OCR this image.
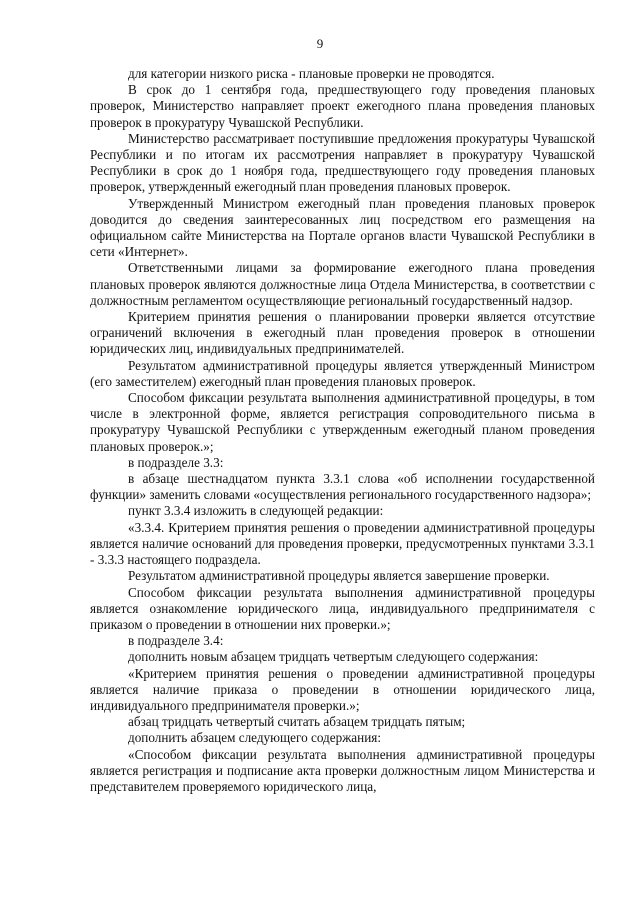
9

для категории низкого риска - плановые проверки не проводятся.

В срок до 1 сентября года, предшествующего году проведения плановых проверок, Министерство направляет проект ежегодного плана проведения плановых проверок в прокуратуру Чувашской Республики.

Министерство рассматривает поступившие предложения прокуратуры Чувашской Республики и по итогам их рассмотрения направляет в прокуратуру Чувашской Республики в срок до 1 ноября года, предшествующего году проведения плановых проверок, утвержденный ежегодный план проведения плановых проверок.

Утвержденный Министром ежегодный план проведения плановых проверок доводится до сведения заинтересованных лиц посредством его размещения на официальном сайте Министерства на Портале органов власти Чувашской Республики в сети «Интернет».

Ответственными лицами за формирование ежегодного плана проведения плановых проверок являются должностные лица Отдела Министерства, в соответствии с должностным регламентом осуществляющие региональный государственный надзор.

Критерием принятия решения о планировании проверки является отсутствие ограничений включения в ежегодный план проведения проверок в отношении юридических лиц, индивидуальных предпринимателей.

Результатом административной процедуры является утвержденный Министром (его заместителем) ежегодный план проведения плановых проверок.

Способом фиксации результата выполнения административной процедуры, в том числе в электронной форме, является регистрация сопроводительного письма в прокуратуру Чувашской Республики с утвержденным ежегодный планом проведения плановых проверок.»;

в подразделе 3.3:

в абзаце шестнадцатом пункта 3.3.1 слова «об исполнении государственной функции» заменить словами «осуществления регионального государственного надзора»;

пункт 3.3.4 изложить в следующей редакции:

«3.3.4. Критерием принятия решения о проведении административной процедуры является наличие оснований для проведения проверки, предусмотренных пунктами 3.3.1 - 3.3.3 настоящего подраздела.

Результатом административной процедуры является завершение проверки.

Способом фиксации результата выполнения административной процедуры является ознакомление юридического лица, индивидуального предпринимателя с приказом о проведении в отношении них проверки.»;

в подразделе 3.4:

дополнить новым абзацем тридцать четвертым следующего содержания:

«Критерием принятия решения о проведении административной процедуры является наличие приказа о проведении в отношении юридического лица, индивидуального предпринимателя проверки.»;

абзац тридцать четвертый считать абзацем тридцать пятым;

дополнить абзацем следующего содержания:

«Способом фиксации результата выполнения административной процедуры является регистрация и подписание акта проверки должностным лицом Министерства и представителем проверяемого юридического лица,
